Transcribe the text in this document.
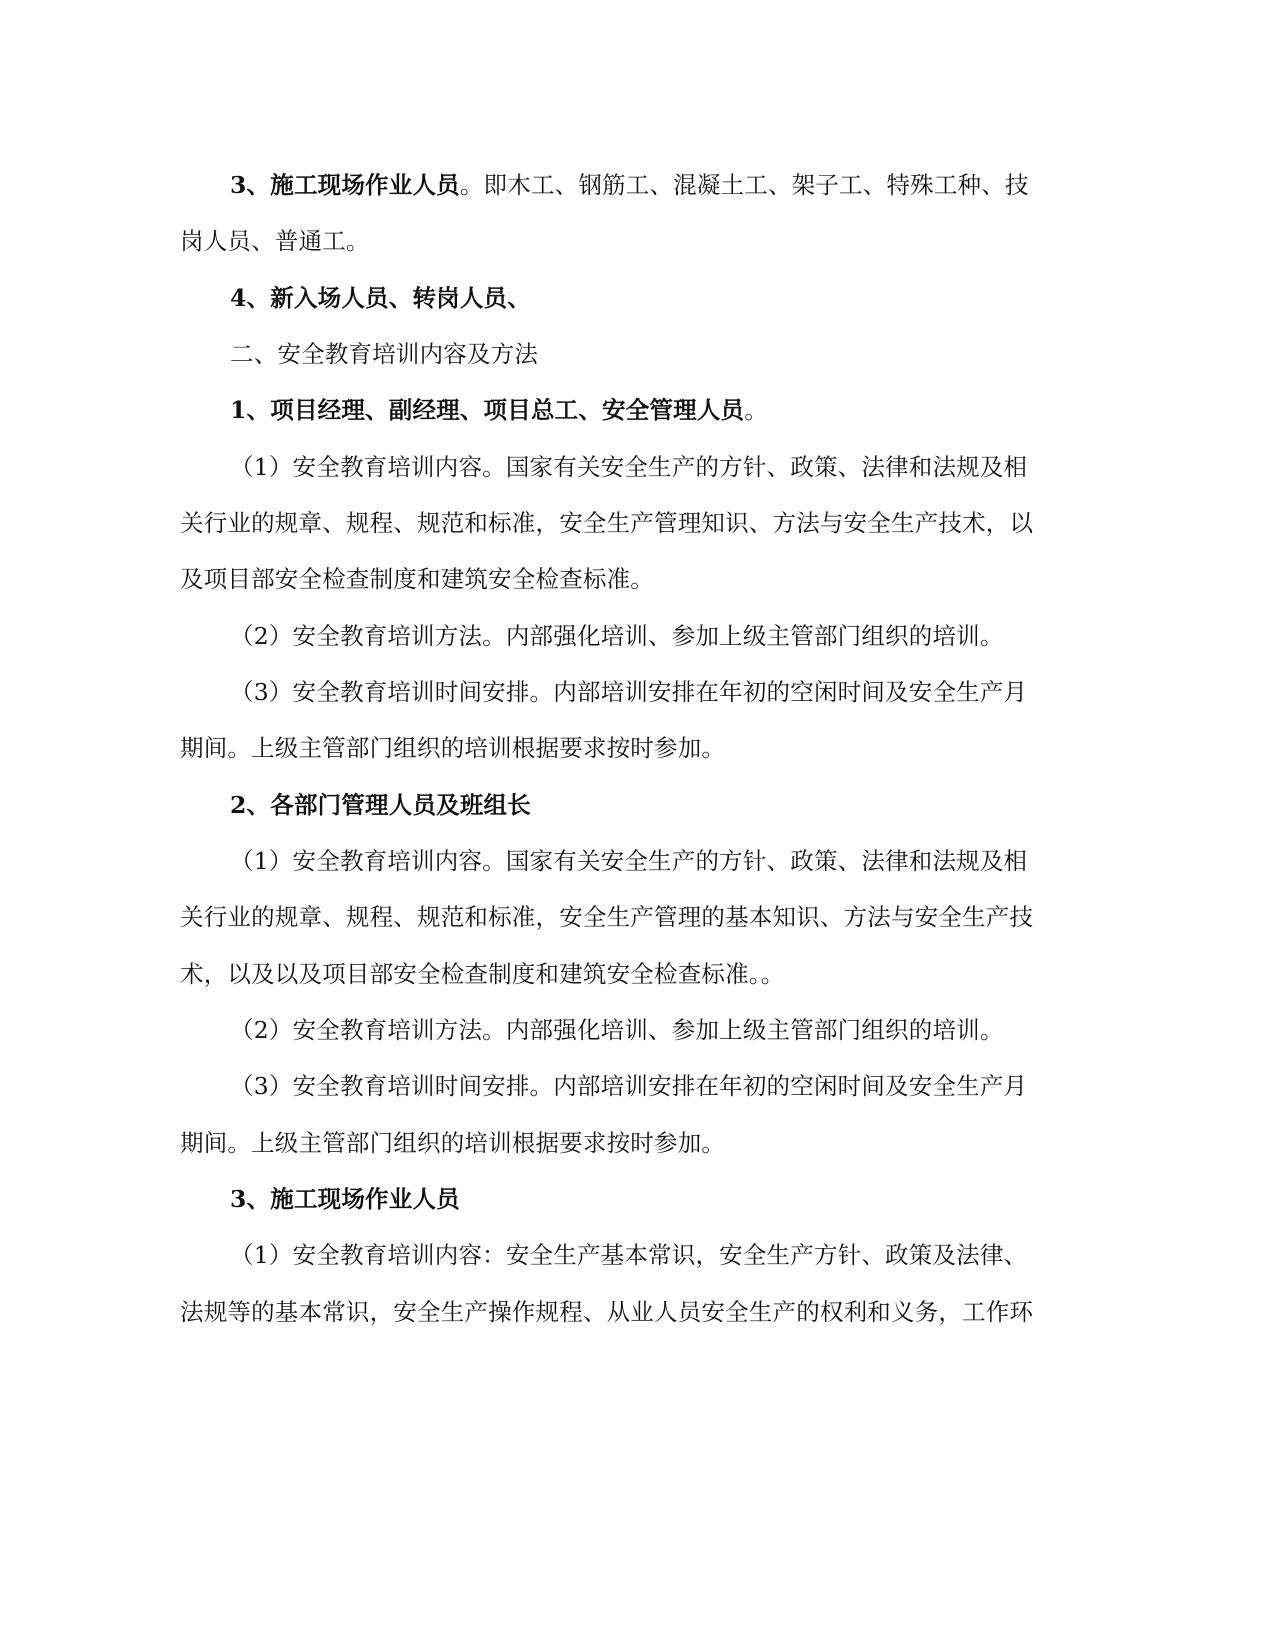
3、施工现场作业人员。即木工、钢筋工、混凝土工、架子工、特殊工种、技

岗人员、普通工。

4、新入场人员、转岗人员、

二、安全教育培训内容及方法

1、项目经理、副经理、项目总工、安全管理人员。

（1）安全教育培训内容。国家有关安全生产的方针、政策、法律和法规及相

关行业的规章、规程、规范和标准，安全生产管理知识、方法与安全生产技术，以

及项目部安全检查制度和建筑安全检查标准。

（2）安全教育培训方法。内部强化培训、参加上级主管部门组织的培训。

（3）安全教育培训时间安排。内部培训安排在年初的空闲时间及安全生产月

期间。上级主管部门组织的培训根据要求按时参加。

2、各部门管理人员及班组长

（1）安全教育培训内容。国家有关安全生产的方针、政策、法律和法规及相

关行业的规章、规程、规范和标准，安全生产管理的基本知识、方法与安全生产技

术，以及以及项目部安全检查制度和建筑安全检查标准。。

（2）安全教育培训方法。内部强化培训、参加上级主管部门组织的培训。

（3）安全教育培训时间安排。内部培训安排在年初的空闲时间及安全生产月

期间。上级主管部门组织的培训根据要求按时参加。

3、施工现场作业人员

（1）安全教育培训内容：安全生产基本常识，安全生产方针、政策及法律、

法规等的基本常识，安全生产操作规程、从业人员安全生产的权利和义务，工作环
